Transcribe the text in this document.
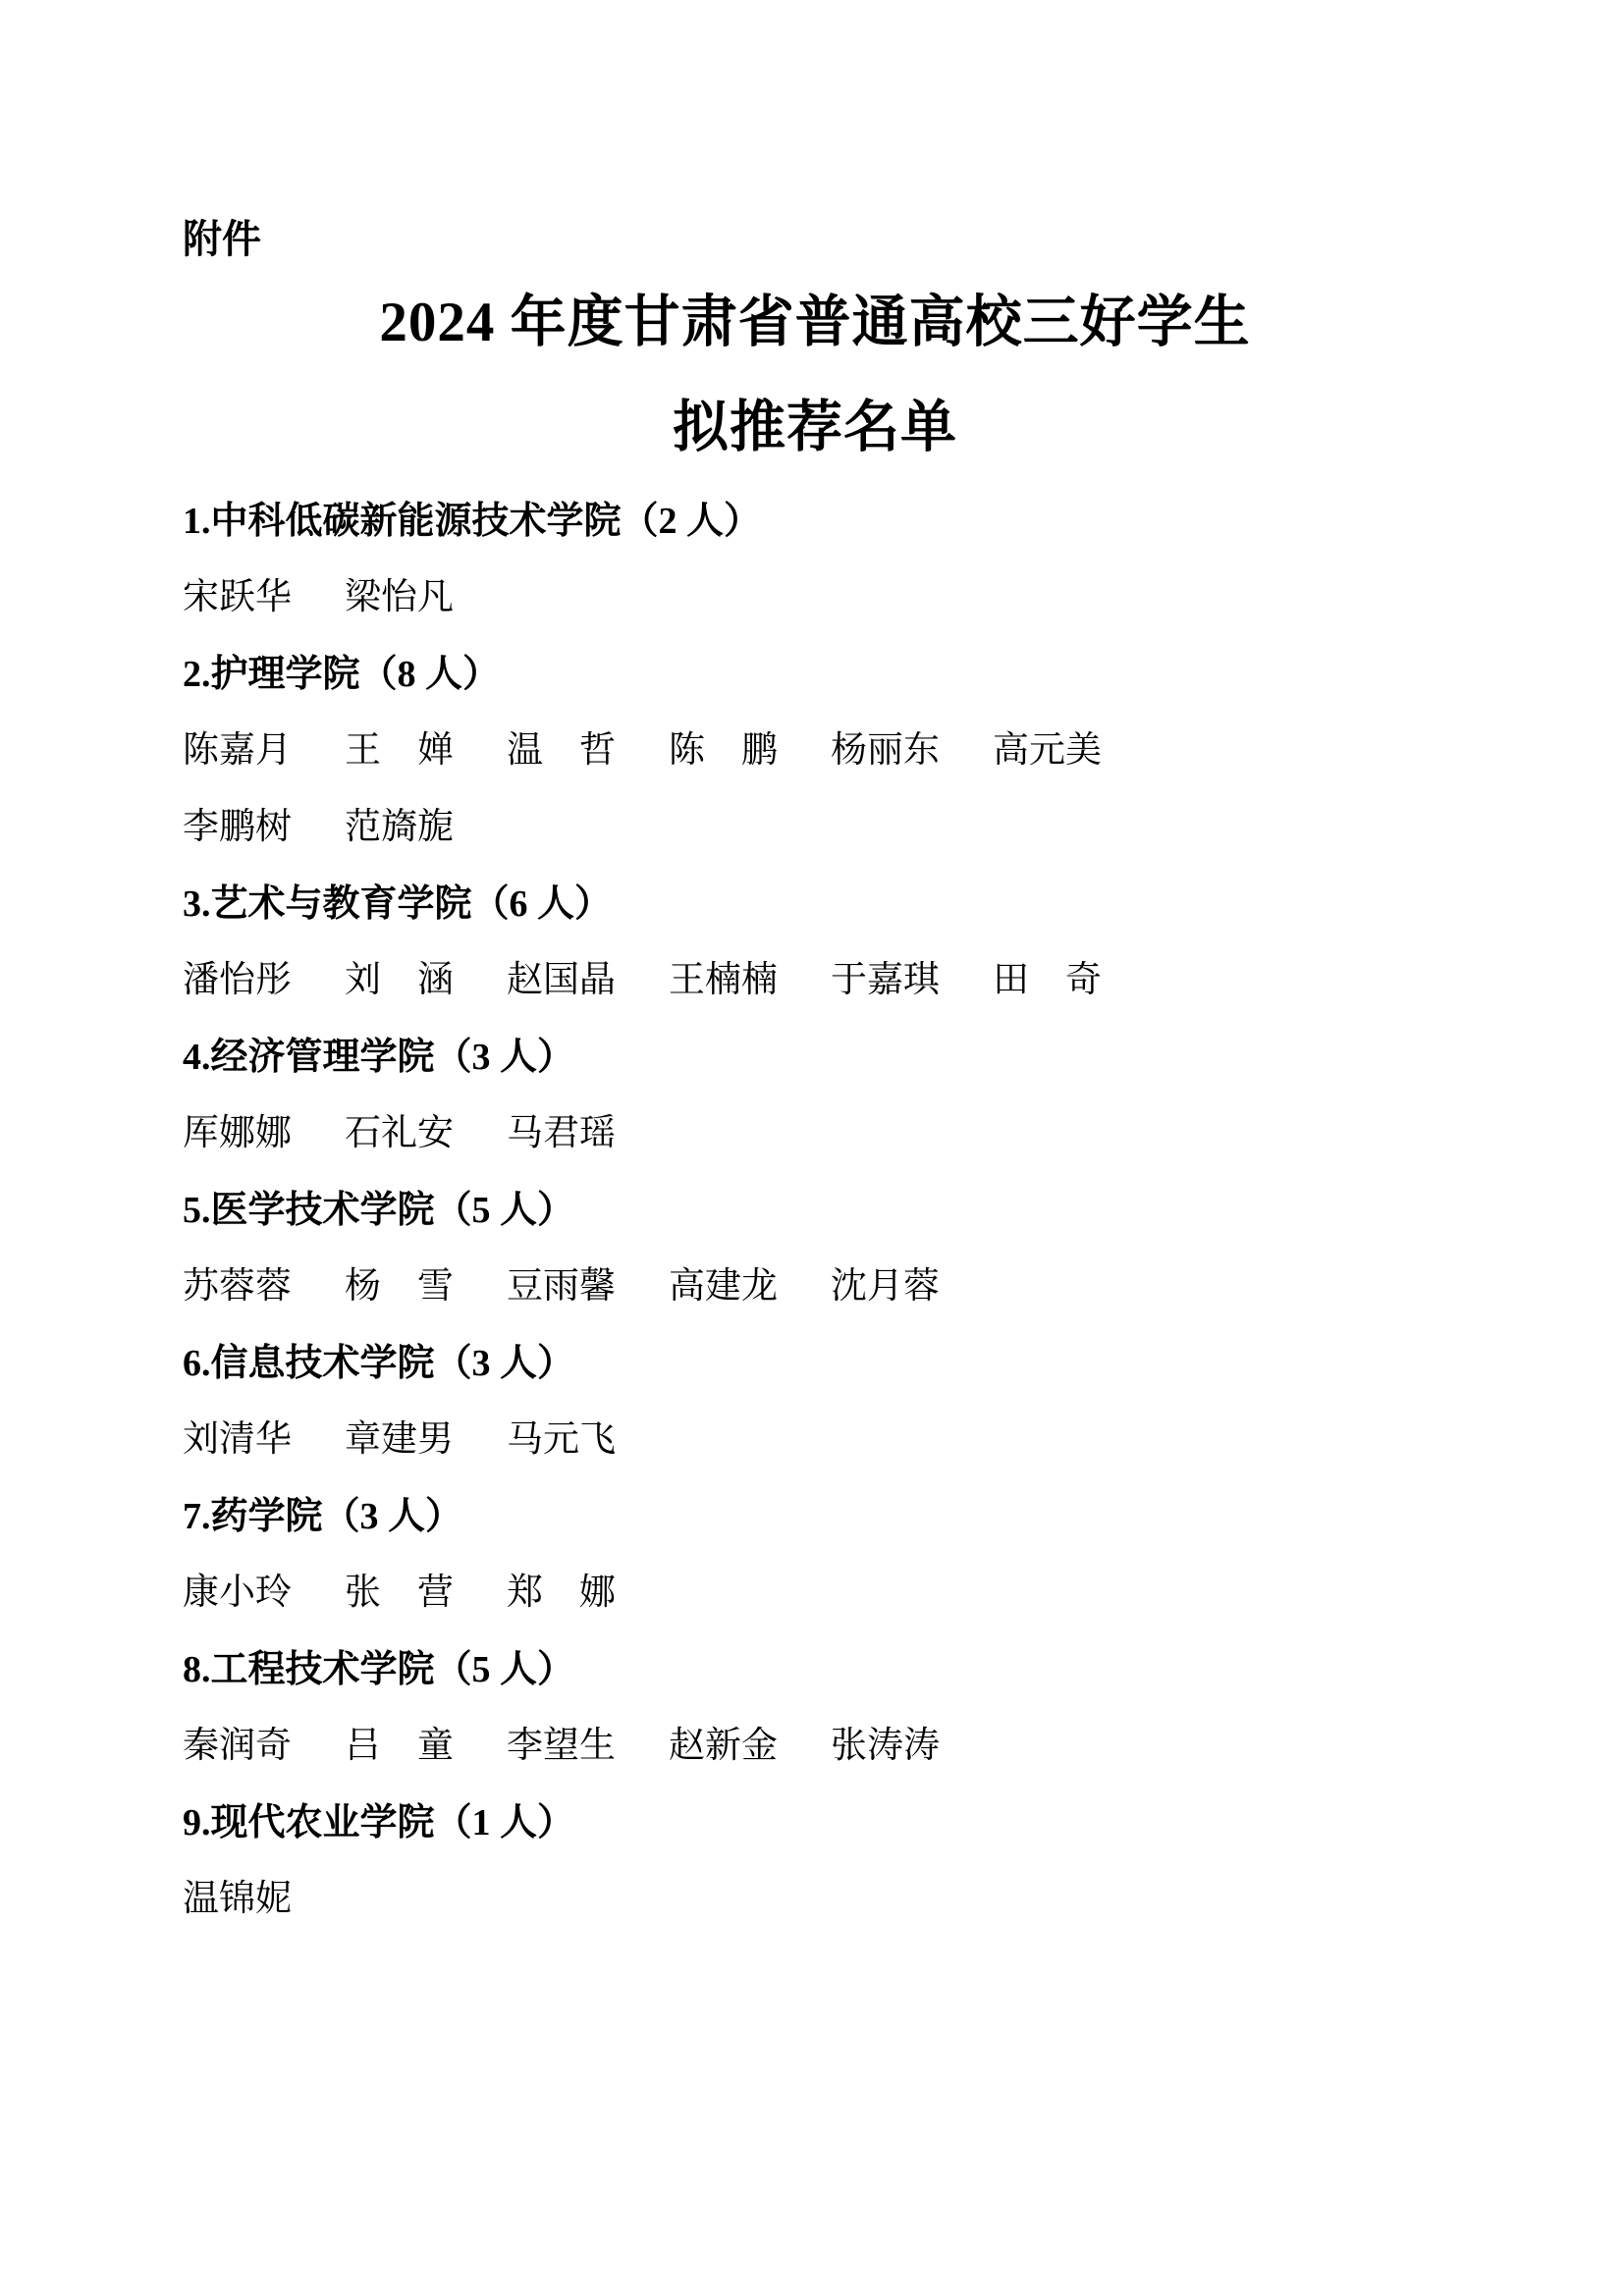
附件
2024 年度甘肃省普通高校三好学生
拟推荐名单
1.中科低碳新能源技术学院（2 人）
宋跃华 梁怡凡
2.护理学院（8 人）
陈嘉月 王　婵 温　哲 陈　鹏 杨丽东 高元美
李鹏树 范旖旎
3.艺术与教育学院（6 人）
潘怡彤 刘　涵 赵国晶 王楠楠 于嘉琪 田　奇
4.经济管理学院（3 人）
厍娜娜 石礼安 马君瑶
5.医学技术学院（5 人）
苏蓉蓉 杨　雪 豆雨馨 高建龙 沈月蓉
6.信息技术学院（3 人）
刘清华 章建男 马元飞
7.药学院（3 人）
康小玲 张　营 郑　娜
8.工程技术学院（5 人）
秦润奇 吕　童 李望生 赵新金 张涛涛
9.现代农业学院（1 人）
温锦妮
